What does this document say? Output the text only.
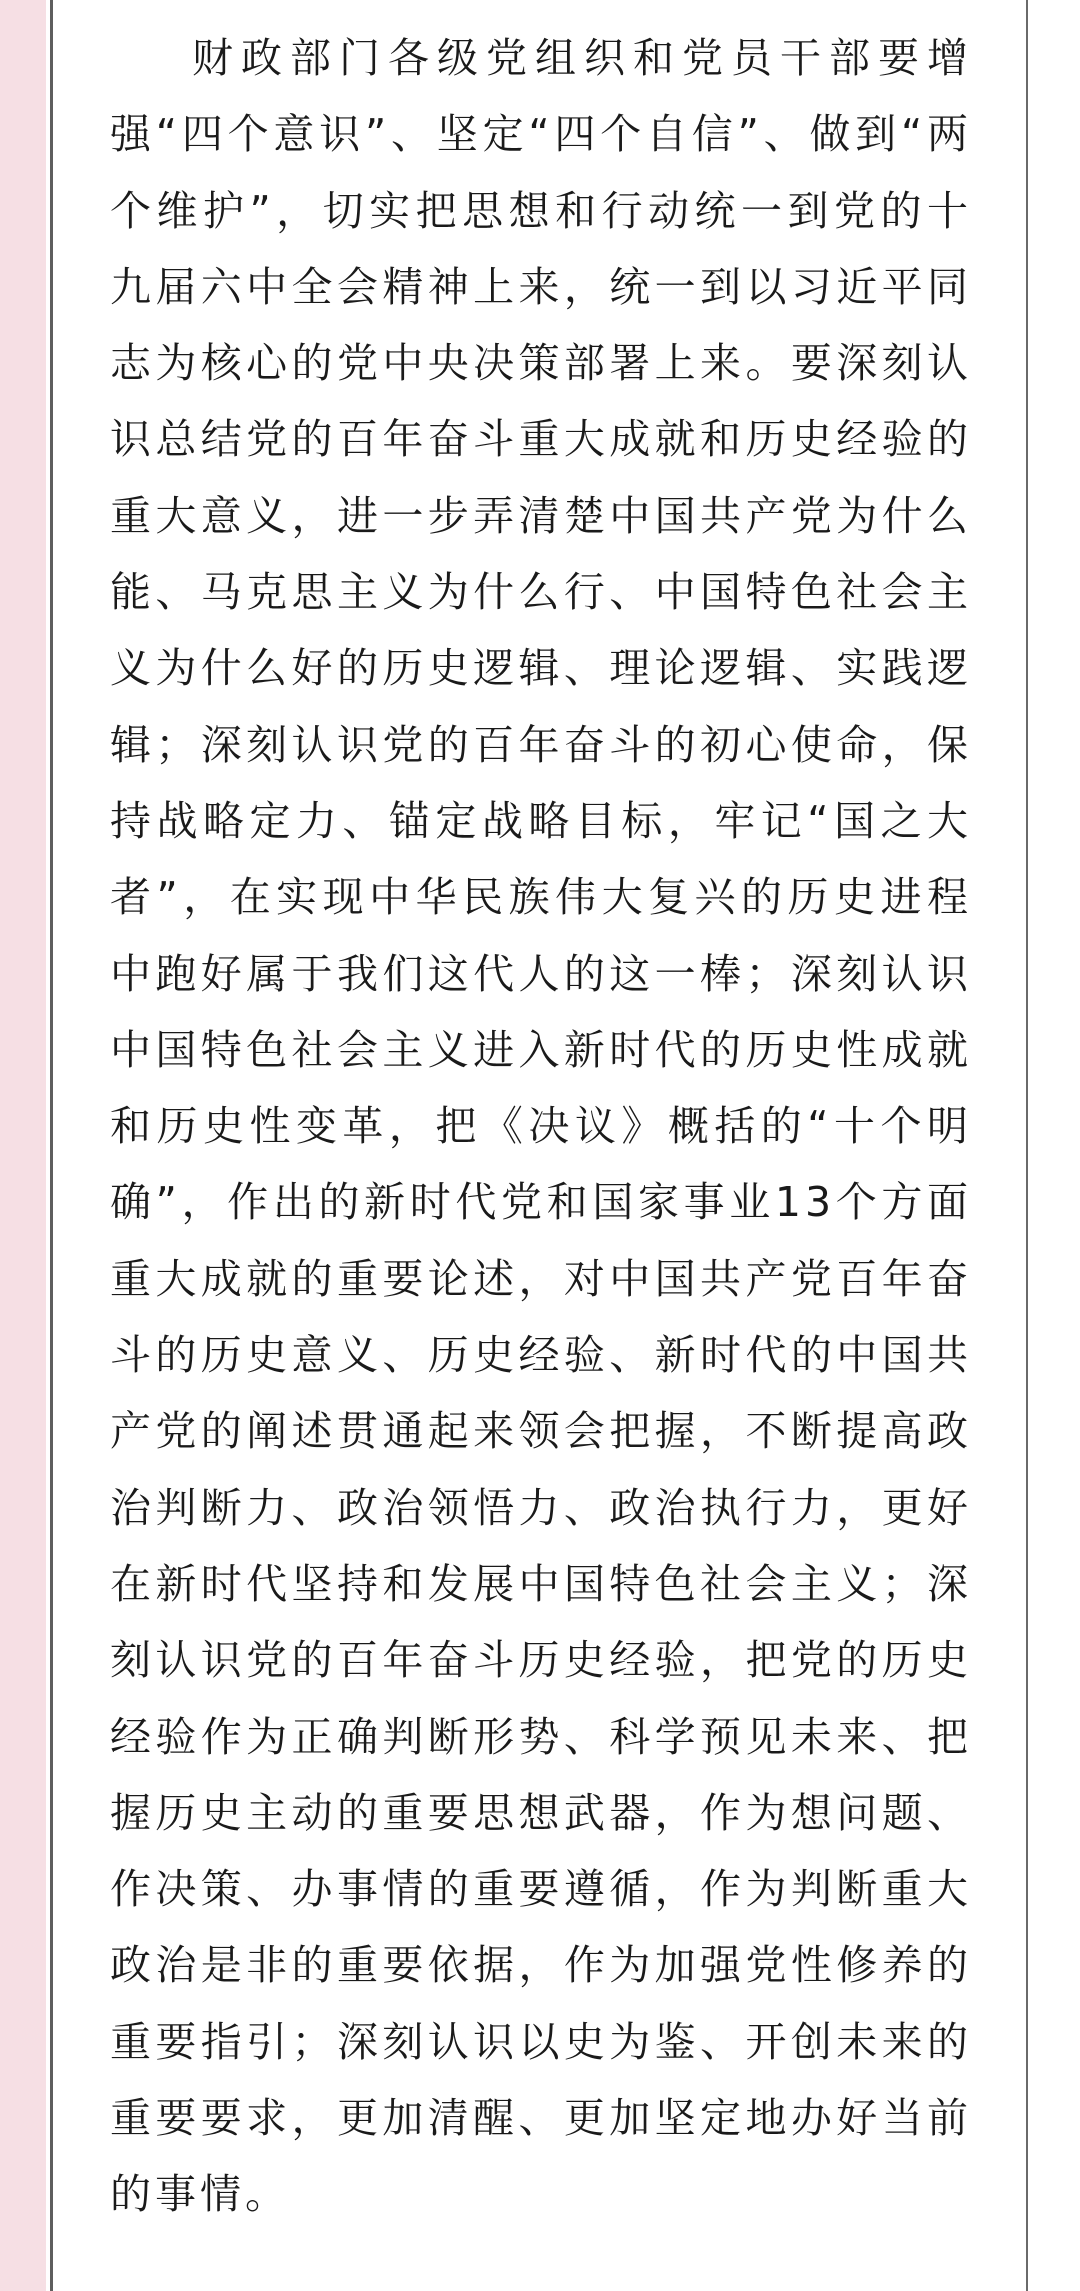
财政部门各级党组织和党员干部要增强“四个意识”、坚定“四个自信”、做到“两个维护”，切实把思想和行动统一到党的十九届六中全会精神上来，统一到以习近平同志为核心的党中央决策部署上来。要深刻认识总结党的百年奋斗重大成就和历史经验的重大意义，进一步弄清楚中国共产党为什么能、马克思主义为什么行、中国特色社会主义为什么好的历史逻辑、理论逻辑、实践逻辑；深刻认识党的百年奋斗的初心使命，保持战略定力、锚定战略目标，牢记“国之大者”，在实现中华民族伟大复兴的历史进程中跑好属于我们这代人的这一棒；深刻认识中国特色社会主义进入新时代的历史性成就和历史性变革，把《决议》概括的“十个明确”，作出的新时代党和国家事业13个方面重大成就的重要论述，对中国共产党百年奋斗的历史意义、历史经验、新时代的中国共产党的阐述贯通起来领会把握，不断提高政治判断力、政治领悟力、政治执行力，更好在新时代坚持和发展中国特色社会主义；深刻认识党的百年奋斗历史经验，把党的历史经验作为正确判断形势、科学预见未来、把握历史主动的重要思想武器，作为想问题、作决策、办事情的重要遵循，作为判断重大政治是非的重要依据，作为加强党性修养的重要指引；深刻认识以史为鉴、开创未来的重要要求，更加清醒、更加坚定地办好当前的事情。
